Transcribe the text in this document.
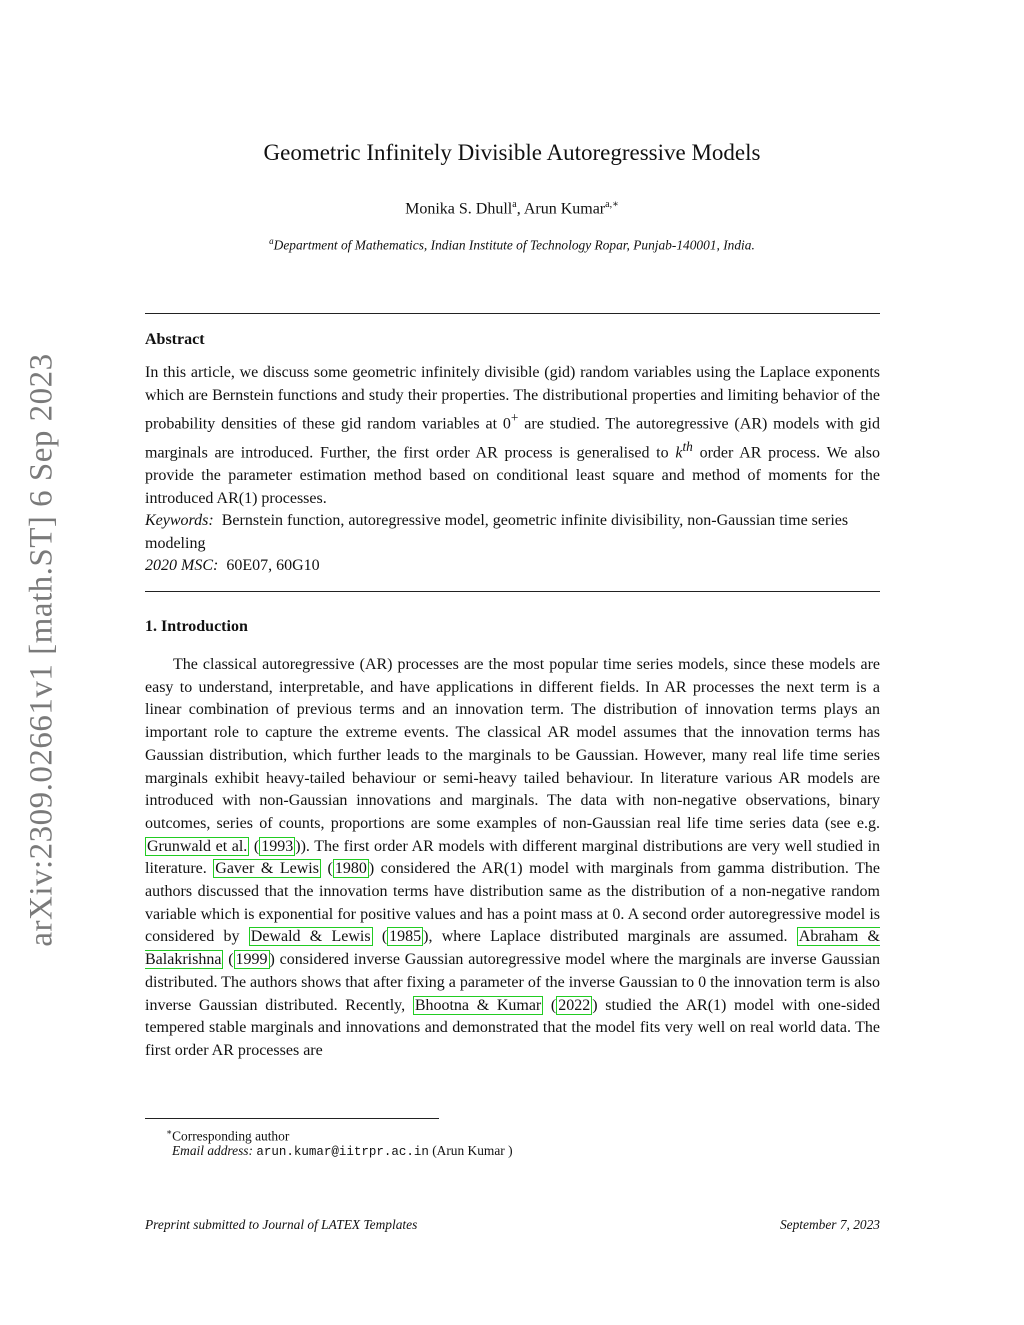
arXiv:2309.02661v1 [math.ST] 6 Sep 2023
Geometric Infinitely Divisible Autoregressive Models
Monika S. Dhull$^a$, Arun Kumar$^{a,∗}$
$^a$Department of Mathematics, Indian Institute of Technology Ropar, Punjab-140001, India.
Abstract
In this article, we discuss some geometric infinitely divisible (gid) random variables using the Laplace exponents which are Bernstein functions and study their properties. The distributional properties and limiting behavior of the probability densities of these gid random variables at 0+ are studied. The autoregressive (AR) models with gid marginals are introduced. Further, the first order AR process is generalised to $k^{th}$ order AR process. We also provide the parameter estimation method based on conditional least square and method of moments for the introduced AR(1) processes.
Keywords: Bernstein function, autoregressive model, geometric infinite divisibility, non-Gaussian time series modeling
2020 MSC: 60E07, 60G10
1. Introduction
The classical autoregressive (AR) processes are the most popular time series models, since these models are easy to understand, interpretable, and have applications in different fields. In AR processes the next term is a linear combination of previous terms and an innovation term. The distribution of innovation terms plays an important role to capture the extreme events. The classical AR model assumes that the innovation terms has Gaussian distribution, which further leads to the marginals to be Gaussian. However, many real life time series marginals exhibit heavy-tailed behaviour or semi-heavy tailed behaviour. In literature various AR models are introduced with non-Gaussian innovations and marginals. The data with non-negative observations, binary outcomes, series of counts, proportions are some examples of non-Gaussian real life time series data (see e.g. Grunwald et al. ( 1993 )). The first order AR models with different marginal distributions are very well studied in literature. Gaver & Lewis ( 1980 ) considered the AR(1) model with marginals from gamma distribution. The authors discussed that the innovation terms have distribution same as the distribution of a non-negative random variable which is exponential for positive values and has a point mass at 0. A second order autoregressive model is considered by Dewald & Lewis ( 1985 ), where Laplace distributed marginals are assumed. Abraham & Balakrishna ( 1999 ) considered inverse Gaussian autoregressive model where the marginals are inverse Gaussian distributed. The authors shows that after fixing a parameter of the inverse Gaussian to 0 the innovation term is also inverse Gaussian distributed. Recently, Bhootna & Kumar ( 2022 ) studied the AR(1) model with one-sided tempered stable marginals and innovations and demonstrated that the model fits very well on real world data. The first order AR processes are
∗Corresponding author
Email address: arun.kumar@iitrpr.ac.in (Arun Kumar )
Preprint submitted to Journal of LATEX Templates	September 7, 2023
